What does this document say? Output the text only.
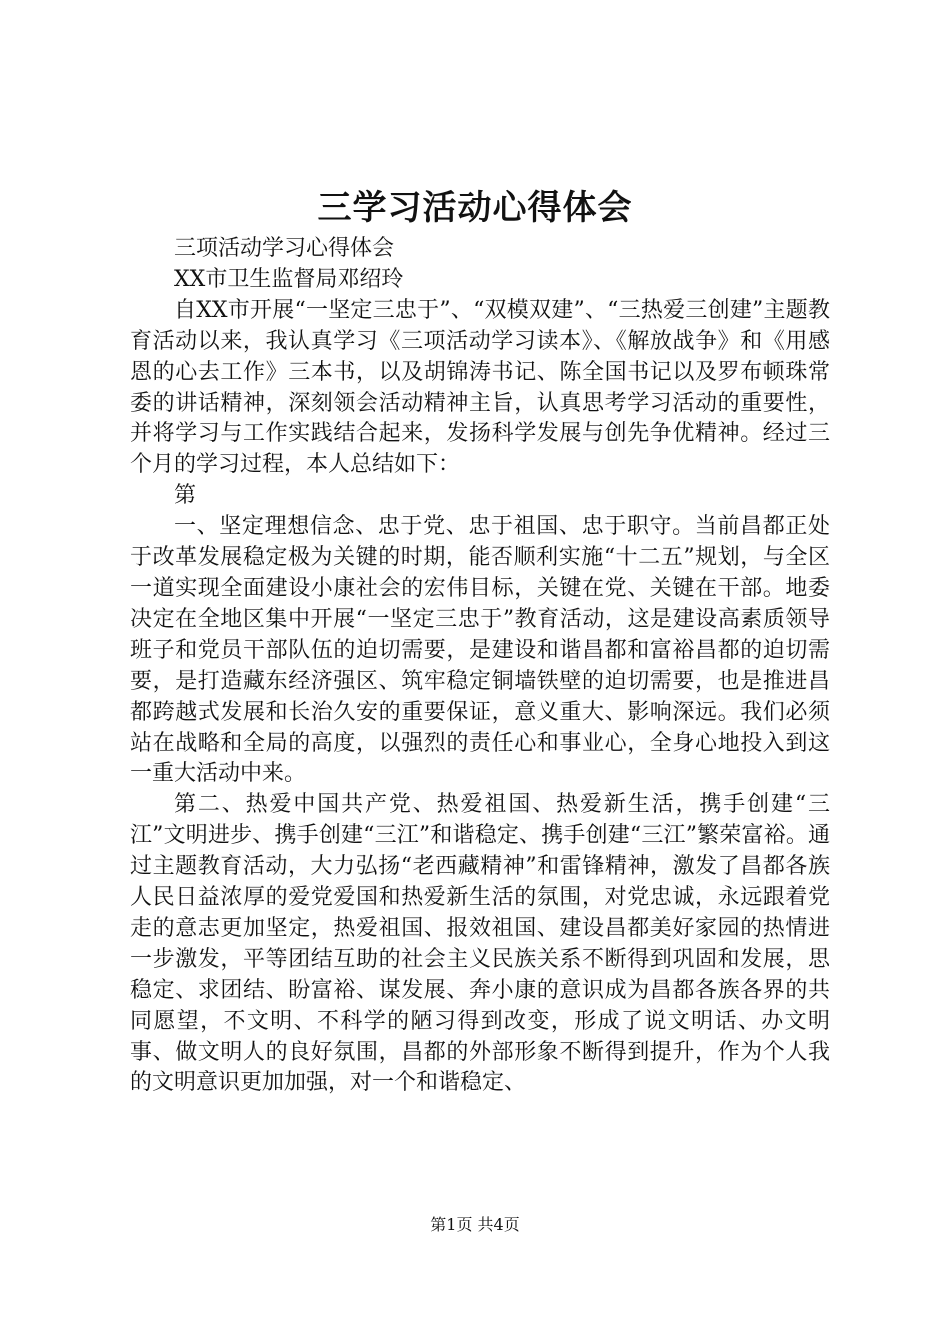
三学习活动心得体会

三项活动学习心得体会

XX市卫生监督局邓绍玲

自XX市开展“一坚定三忠于”、“双模双建”、“三热爱三创建”主题教育活动以来，我认真学习《三项活动学习读本》、《解放战争》和《用感恩的心去工作》三本书，以及胡锦涛书记、陈全国书记以及罗布顿珠常委的讲话精神，深刻领会活动精神主旨，认真思考学习活动的重要性，并将学习与工作实践结合起来，发扬科学发展与创先争优精神。经过三个月的学习过程，本人总结如下：

第

一、坚定理想信念、忠于党、忠于祖国、忠于职守。当前昌都正处于改革发展稳定极为关键的时期，能否顺利实施“十二五”规划，与全区一道实现全面建设小康社会的宏伟目标，关键在党、关键在干部。地委决定在全地区集中开展“一坚定三忠于”教育活动，这是建设高素质领导班子和党员干部队伍的迫切需要，是建设和谐昌都和富裕昌都的迫切需要，是打造藏东经济强区、筑牢稳定铜墙铁壁的迫切需要，也是推进昌都跨越式发展和长治久安的重要保证，意义重大、影响深远。我们必须站在战略和全局的高度，以强烈的责任心和事业心，全身心地投入到这一重大活动中来。

第二、热爱中国共产党、热爱祖国、热爱新生活，携手创建“三江”文明进步、携手创建“三江”和谐稳定、携手创建“三江”繁荣富裕。通过主题教育活动，大力弘扬“老西藏精神”和雷锋精神，激发了昌都各族人民日益浓厚的爱党爱国和热爱新生活的氛围，对党忠诚，永远跟着党走的意志更加坚定，热爱祖国、报效祖国、建设昌都美好家园的热情进一步激发，平等团结互助的社会主义民族关系不断得到巩固和发展，思稳定、求团结、盼富裕、谋发展、奔小康的意识成为昌都各族各界的共同愿望，不文明、不科学的陋习得到改变，形成了说文明话、办文明事、做文明人的良好氛围，昌都的外部形象不断得到提升，作为个人我的文明意识更加加强，对一个和谐稳定、

第1页 共4页
